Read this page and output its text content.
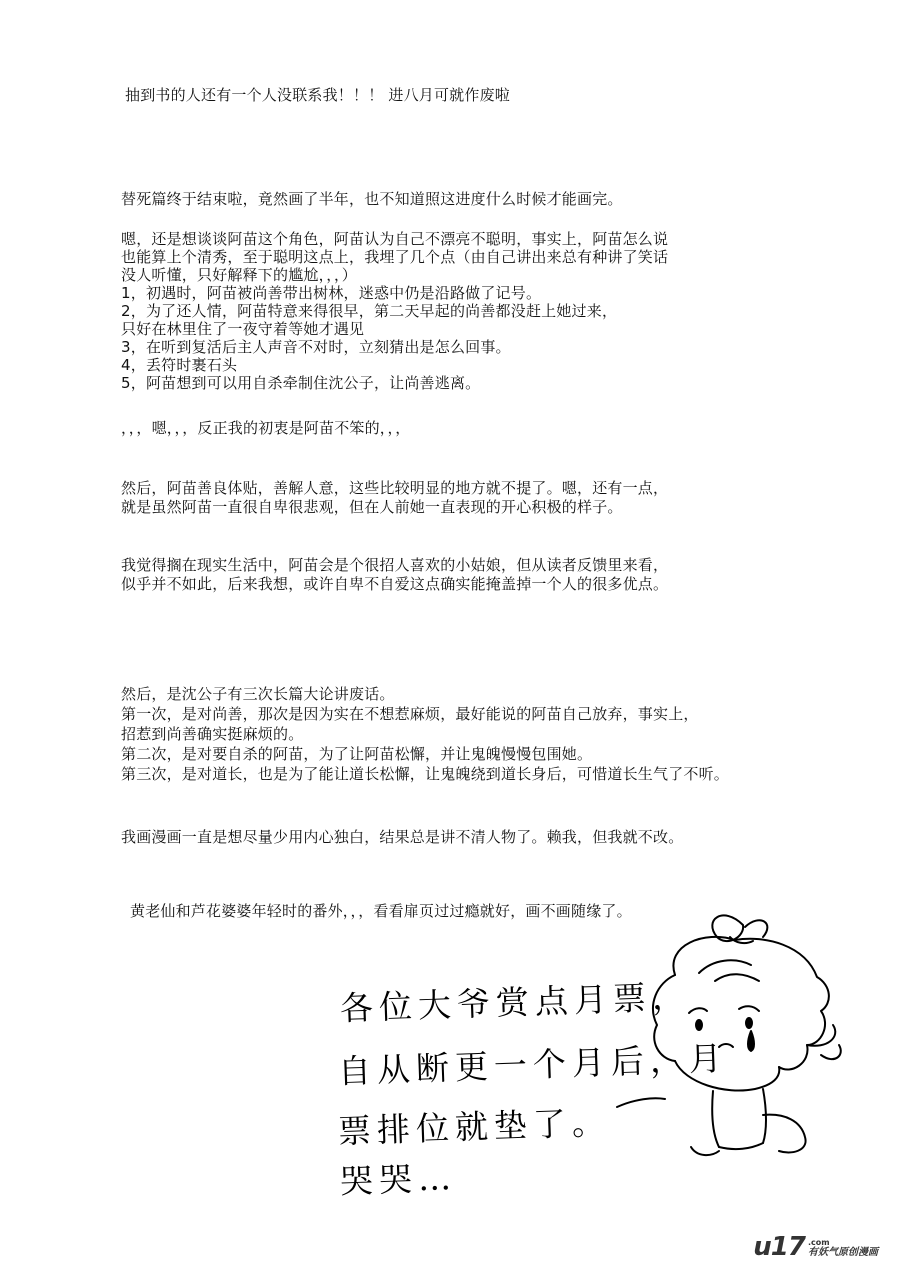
抽到书的人还有一个人没联系我！！！ 进八月可就作废啦
替死篇终于结束啦，竟然画了半年，也不知道照这进度什么时候才能画完。
嗯，还是想谈谈阿苗这个角色，阿苗认为自己不漂亮不聪明，事实上，阿苗怎么说
也能算上个清秀，至于聪明这点上，我埋了几个点（由自己讲出来总有种讲了笑话
没人听懂，只好解释下的尴尬，，，）
1，初遇时，阿苗被尚善带出树林，迷惑中仍是沿路做了记号。
2，为了还人情，阿苗特意来得很早，第二天早起的尚善都没赶上她过来，
只好在林里住了一夜守着等她才遇见
3，在听到复活后主人声音不对时，立刻猜出是怎么回事。
4，丢符时裹石头
5，阿苗想到可以用自杀牵制住沈公子，让尚善逃离。
，，，嗯，，，反正我的初衷是阿苗不笨的，，，
然后，阿苗善良体贴，善解人意，这些比较明显的地方就不提了。嗯，还有一点，
就是虽然阿苗一直很自卑很悲观，但在人前她一直表现的开心积极的样子。
我觉得搁在现实生活中，阿苗会是个很招人喜欢的小姑娘，但从读者反馈里来看，
似乎并不如此，后来我想，或许自卑不自爱这点确实能掩盖掉一个人的很多优点。
然后，是沈公子有三次长篇大论讲废话。
第一次，是对尚善，那次是因为实在不想惹麻烦，最好能说的阿苗自己放弃，事实上，
招惹到尚善确实挺麻烦的。
第二次，是对要自杀的阿苗，为了让阿苗松懈，并让鬼魄慢慢包围她。
第三次，是对道长，也是为了能让道长松懈，让鬼魄绕到道长身后，可惜道长生气了不听。
我画漫画一直是想尽量少用内心独白，结果总是讲不清人物了。赖我，但我就不改。
黄老仙和芦花婆婆年轻时的番外，，，看看扉页过过瘾就好，画不画随缘了。
各位大爷赏点月票，
自从断更一个月后，月
票排位就垫了。
哭哭…
u17 .com
有妖气原创漫画
